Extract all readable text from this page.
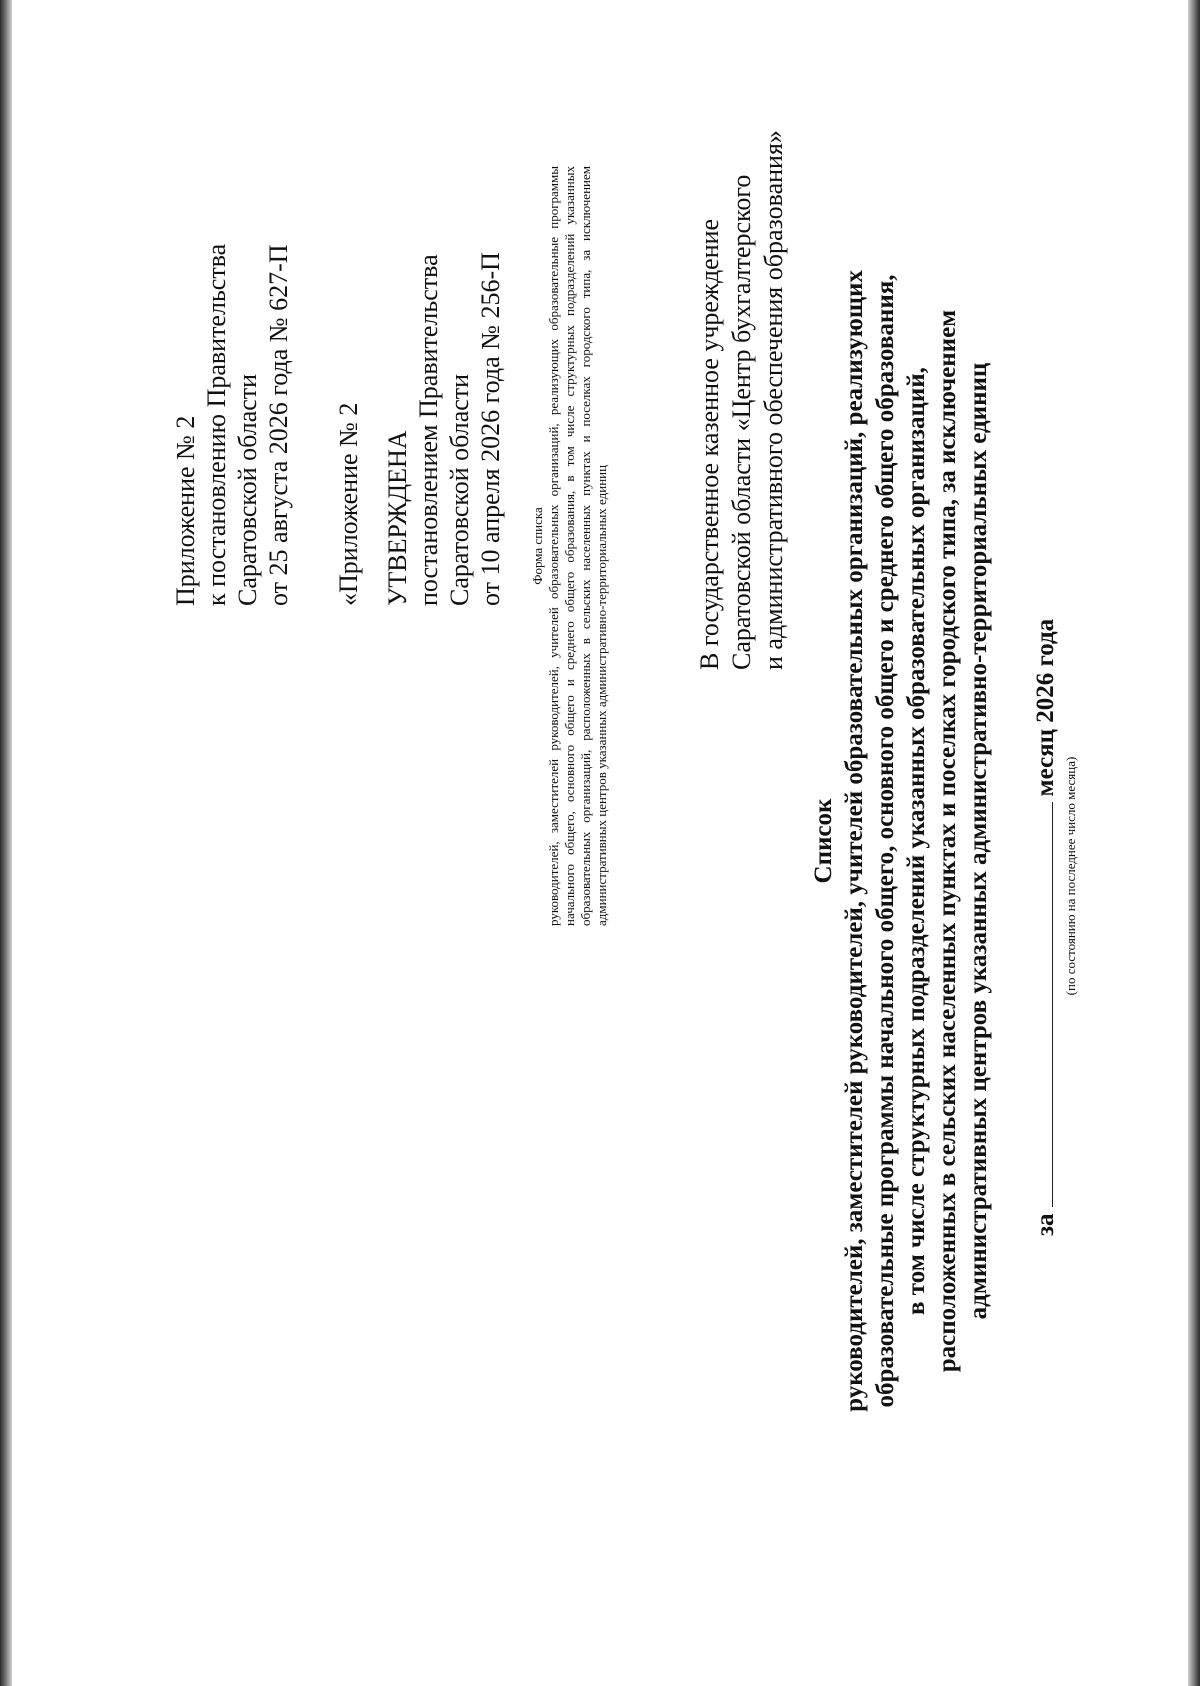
Приложение № 2 к постановлению Правительства Саратовской области от 25 августа 2026 года № 627-П «Приложение № 2 УТВЕРЖДЕНА постановлением Правительства Саратовской области от 10 апреля 2026 года № 256-П Форма списка руководителей, заместителей руководителей, учителей образовательных организаций, реализующих образовательные программы начального общего, основного общего и среднего общего образования, в том числе структурных подразделений указанных образовательных организаций, расположенных в сельских населенных пунктах и поселках городского типа, за исключением административных центров указанных административно-территориальных единиц
В государственное казенное учреждение Саратовской области «Центр бухгалтерского и административного обеспечения образования»
Список руководителей, заместителей руководителей, учителей образовательных организаций, реализующих образовательные программы начального общего, основного общего и среднего общего образования, в том числе структурных подразделений указанных образовательных организаций, расположенных в сельских населенных пунктах и поселках городского типа, за исключением административных центров указанных административно-территориальных единиц замесяц 2026 года
(по состоянию на последнее число месяца)
